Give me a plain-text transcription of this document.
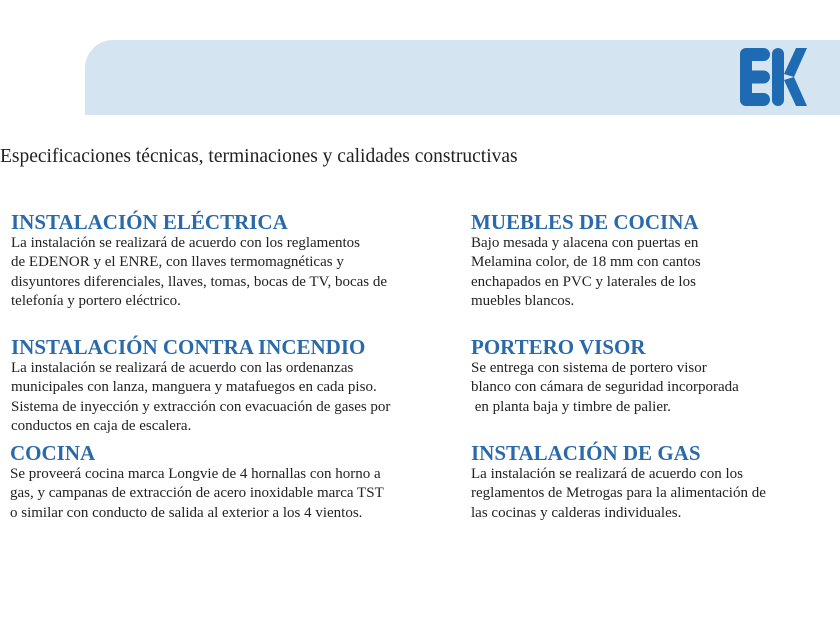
Especificaciones técnicas, terminaciones y calidades constructivas
INSTALACIÓN ELÉCTRICA
La instalación se realizará de acuerdo con los reglamentos
de EDENOR y el ENRE, con llaves termomagnéticas y
disyuntores diferenciales, llaves, tomas, bocas de TV, bocas de
telefonía y portero eléctrico.
INSTALACIÓN CONTRA INCENDIO
La instalación se realizará de acuerdo con las ordenanzas
municipales con lanza, manguera y matafuegos en cada piso.
Sistema de inyección y extracción con evacuación de gases por
conductos en caja de escalera.
COCINA
Se proveerá cocina marca Longvie de 4 hornallas con horno a
gas, y campanas de extracción de acero inoxidable marca TST
o similar con conducto de salida al exterior a los 4 vientos.
MUEBLES DE COCINA
Bajo mesada y alacena con puertas en
Melamina color, de 18 mm con cantos
enchapados en PVC y laterales de los
muebles blancos.
PORTERO VISOR
Se entrega con sistema de portero visor
blanco con cámara de seguridad incorporada
en planta baja y timbre de palier.
INSTALACIÓN DE GAS
La instalación se realizará de acuerdo con los
reglamentos de Metrogas para la alimentación de
las cocinas y calderas individuales.
